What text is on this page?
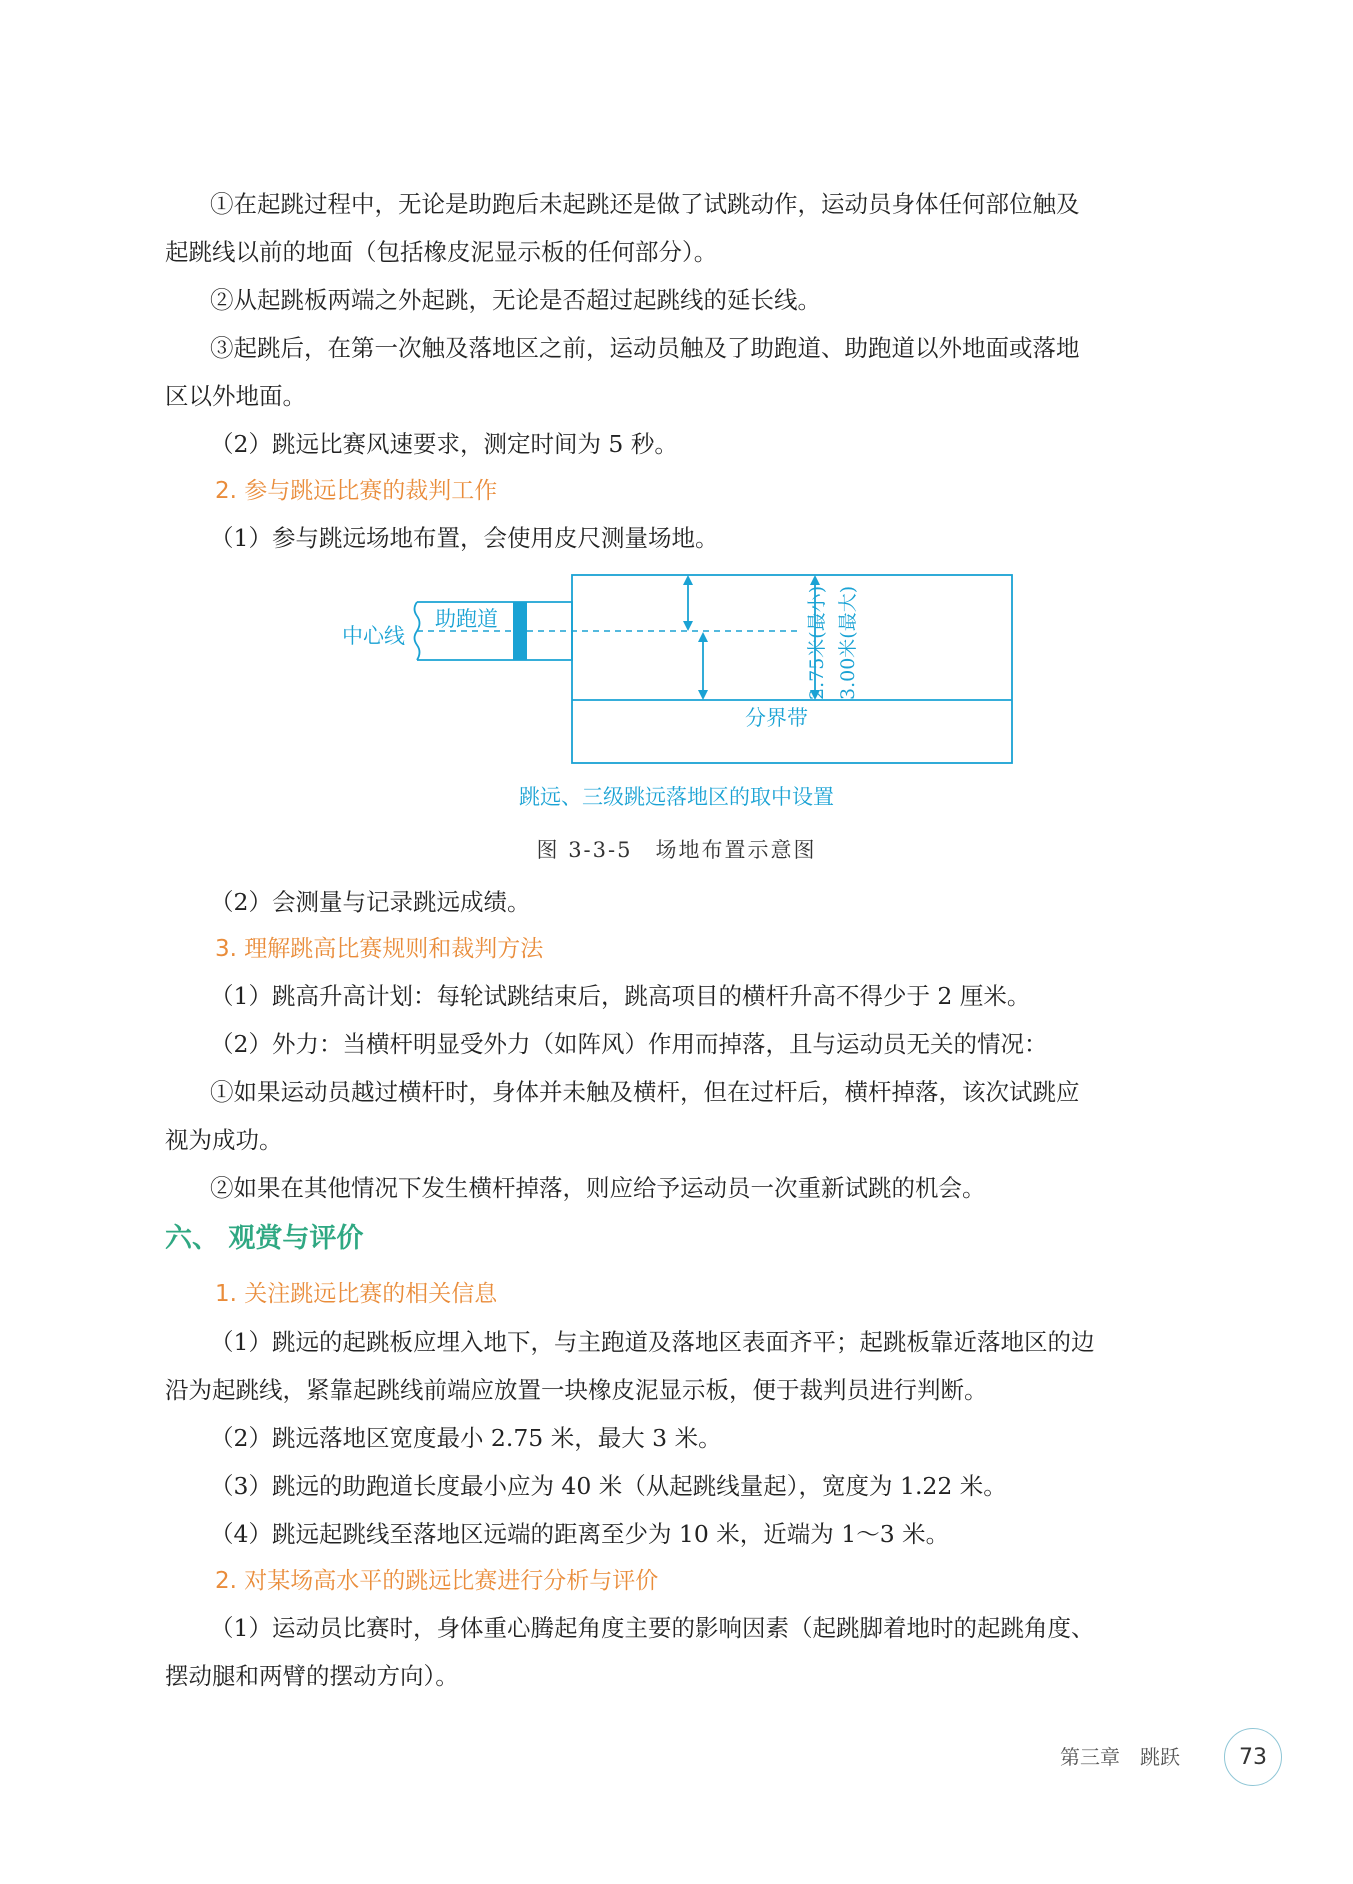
①在起跳过程中，无论是助跑后未起跳还是做了试跳动作，运动员身体任何部位触及

起跳线以前的地面（包括橡皮泥显示板的任何部分）。

②从起跳板两端之外起跳，无论是否超过起跳线的延长线。

③起跳后，在第一次触及落地区之前，运动员触及了助跑道、助跑道以外地面或落地

区以外地面。

（2）跳远比赛风速要求，测定时间为 5 秒。

2. 参与跳远比赛的裁判工作

（1）参与跳远场地布置，会使用皮尺测量场地。

助跑道
中心线	2.75米(最小) 3.00米(最大)
分界带
跳远、三级跳远落地区的取中设置
图 3-3-5　场地布置示意图

（2）会测量与记录跳远成绩。

3. 理解跳高比赛规则和裁判方法

（1）跳高升高计划：每轮试跳结束后，跳高项目的横杆升高不得少于 2 厘米。

（2）外力：当横杆明显受外力（如阵风）作用而掉落，且与运动员无关的情况：

①如果运动员越过横杆时，身体并未触及横杆，但在过杆后，横杆掉落，该次试跳应

视为成功。

②如果在其他情况下发生横杆掉落，则应给予运动员一次重新试跳的机会。

六、 观赏与评价

1. 关注跳远比赛的相关信息

（1）跳远的起跳板应埋入地下，与主跑道及落地区表面齐平；起跳板靠近落地区的边

沿为起跳线，紧靠起跳线前端应放置一块橡皮泥显示板，便于裁判员进行判断。

（2）跳远落地区宽度最小 2.75 米，最大 3 米。

（3）跳远的助跑道长度最小应为 40 米（从起跳线量起），宽度为 1.22 米。

（4）跳远起跳线至落地区远端的距离至少为 10 米，近端为 1～3 米。

2. 对某场高水平的跳远比赛进行分析与评价

（1）运动员比赛时，身体重心腾起角度主要的影响因素（起跳脚着地时的起跳角度、

摆动腿和两臂的摆动方向）。

第三章　跳跃	73
